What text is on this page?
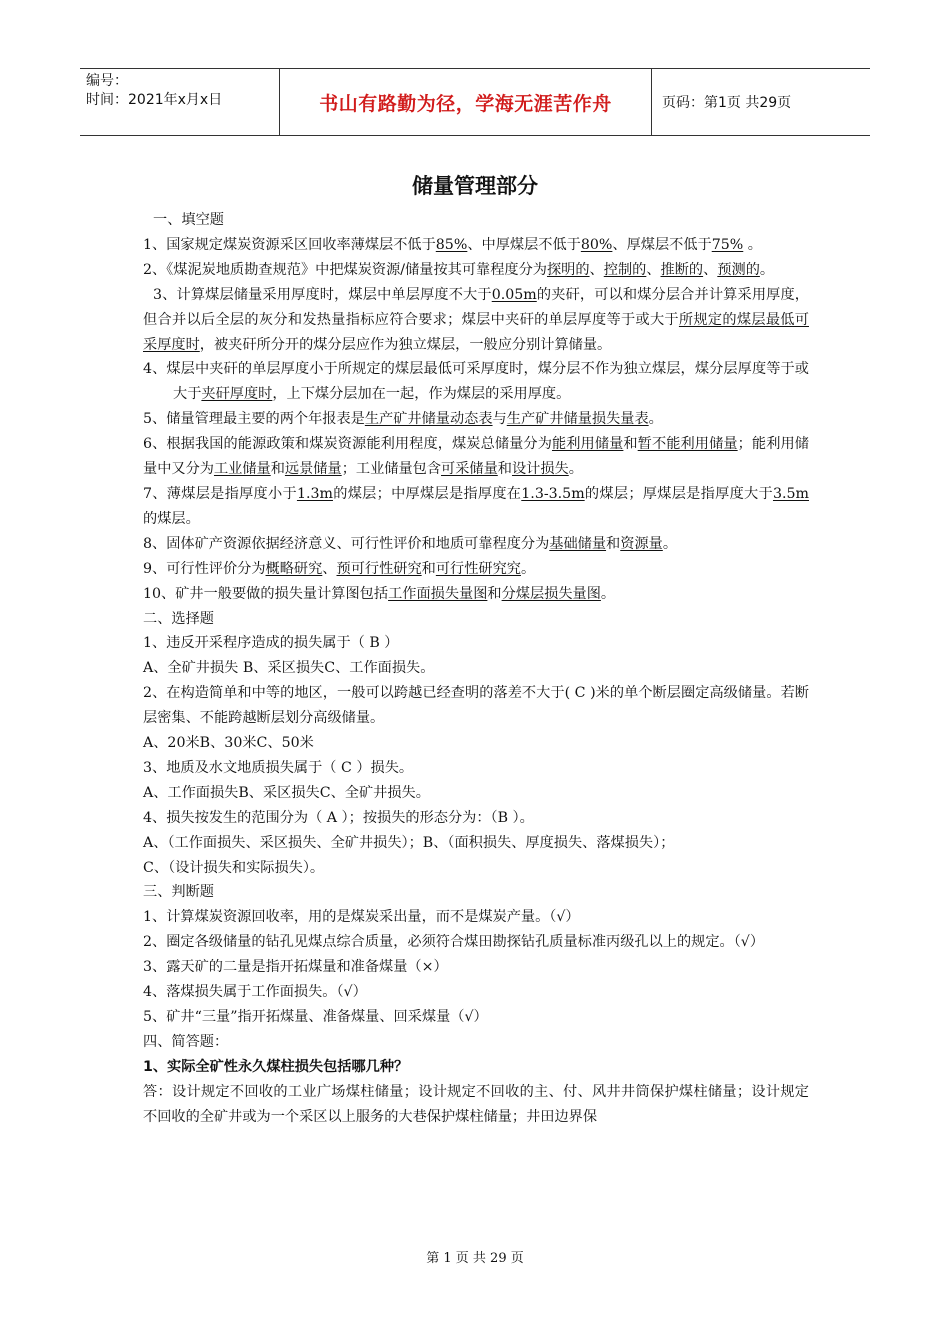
编号：
时间：2021年x月x日	书山有路勤为径，学海无涯苦作舟	页码：第1页 共29页
储量管理部分

一、填空题

1、国家规定煤炭资源采区回收率薄煤层不低于85%、中厚煤层不低于80%、厚煤层不低于75% 。

2、《煤泥炭地质勘查规范》中把煤炭资源/储量按其可靠程度分为探明的、控制的、推断的、预测的。

3、计算煤层储量采用厚度时，煤层中单层厚度不大于0.05m的夹矸，可以和煤分层合并计算采用厚度，但合并以后全层的灰分和发热量指标应符合要求；煤层中夹矸的单层厚度等于或大于所规定的煤层最低可采厚度时，被夹矸所分开的煤分层应作为独立煤层，一般应分别计算储量。

4、煤层中夹矸的单层厚度小于所规定的煤层最低可采厚度时，煤分层不作为独立煤层，煤分层厚度等于或大于夹矸厚度时，上下煤分层加在一起，作为煤层的采用厚度。

5、储量管理最主要的两个年报表是生产矿井储量动态表与生产矿井储量损失量表。

6、根据我国的能源政策和煤炭资源能利用程度，煤炭总储量分为能利用储量和暂不能利用储量；能利用储量中又分为工业储量和远景储量；工业储量包含可采储量和设计损失。

7、薄煤层是指厚度小于1.3m的煤层；中厚煤层是指厚度在1.3-3.5m的煤层；厚煤层是指厚度大于3.5m的煤层。

8、固体矿产资源依据经济意义、可行性评价和地质可靠程度分为基础储量和资源量。

9、可行性评价分为概略研究、预可行性研究和可行性研究究。

10、矿井一般要做的损失量计算图包括工作面损失量图和分煤层损失量图。

二、选择题

1、违反开采程序造成的损失属于（ B ）

A、全矿井损失 B、采区损失C、工作面损失。

2、在构造简单和中等的地区，一般可以跨越已经查明的落差不大于( C )米的单个断层圈定高级储量。若断层密集、不能跨越断层划分高级储量。

A、20米B、30米C、50米

3、地质及水文地质损失属于（ C ）损失。

A、工作面损失B、采区损失C、全矿井损失。

4、损失按发生的范围分为（ A ）；按损失的形态分为：（B ）。

A、（工作面损失、采区损失、全矿井损失）；B、（面积损失、厚度损失、落煤损失）；

C、（设计损失和实际损失）。

三、判断题

1、计算煤炭资源回收率，用的是煤炭采出量，而不是煤炭产量。（√）

2、圈定各级储量的钻孔见煤点综合质量，必须符合煤田勘探钻孔质量标准丙级孔以上的规定。（√）

3、露天矿的二量是指开拓煤量和准备煤量（×）

4、落煤损失属于工作面损失。（√）

5、矿井“三量”指开拓煤量、准备煤量、回采煤量（√）

四、简答题：

1、实际全矿性永久煤柱损失包括哪几种？

答：设计规定不回收的工业广场煤柱储量；设计规定不回收的主、付、风井井筒保护煤柱储量；设计规定不回收的全矿井或为一个采区以上服务的大巷保护煤柱储量；井田边界保

第 1 页 共 29 页
